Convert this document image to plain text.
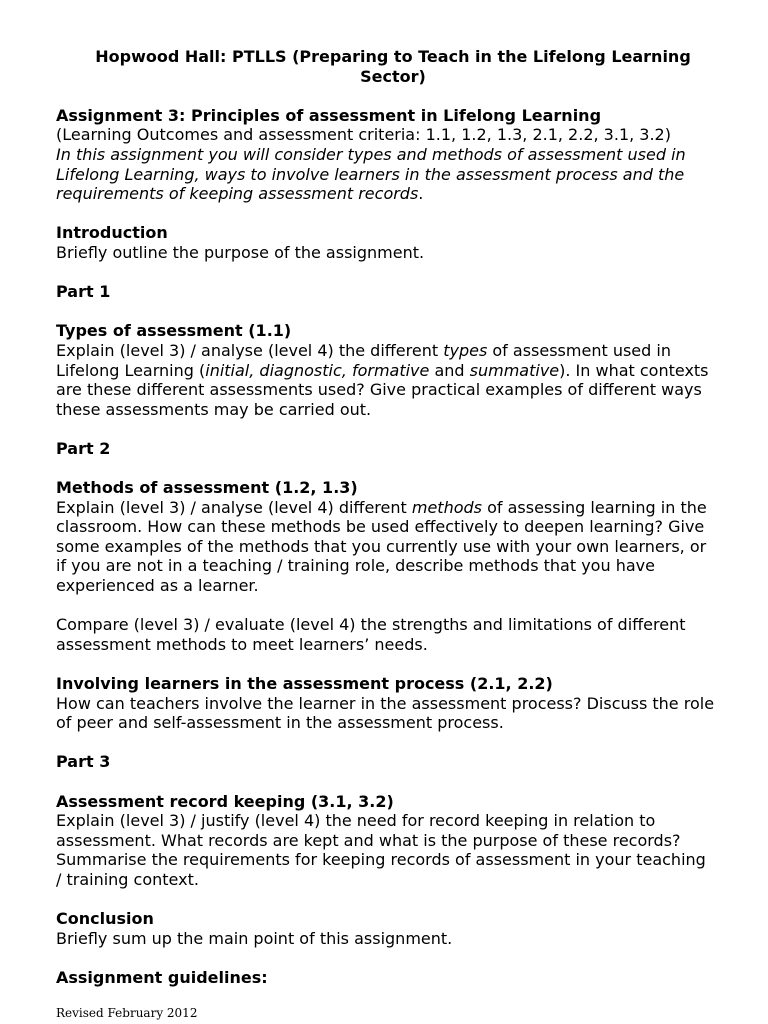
Hopwood Hall: PTLLS (Preparing to Teach in the Lifelong Learning Sector)

Assignment 3: Principles of assessment in Lifelong Learning

(Learning Outcomes and assessment criteria: 1.1, 1.2, 1.3, 2.1, 2.2, 3.1, 3.2)

In this assignment you will consider types and methods of assessment used in Lifelong Learning, ways to involve learners in the assessment process and the requirements of keeping assessment records.

Introduction

Briefly outline the purpose of the assignment.

Part 1

Types of assessment (1.1)

Explain (level 3) / analyse (level 4) the different types of assessment used in Lifelong Learning (initial, diagnostic, formative and summative). In what contexts are these different assessments used? Give practical examples of different ways these assessments may be carried out.

Part 2

Methods of assessment (1.2, 1.3)

Explain (level 3) / analyse (level 4) different methods of assessing learning in the classroom. How can these methods be used effectively to deepen learning? Give some examples of the methods that you currently use with your own learners, or if you are not in a teaching / training role, describe methods that you have experienced as a learner.

Compare (level 3) / evaluate (level 4) the strengths and limitations of different assessment methods to meet learners’ needs.

Involving learners in the assessment process (2.1, 2.2)

How can teachers involve the learner in the assessment process? Discuss the role of peer and self-assessment in the assessment process.

Part 3

Assessment record keeping (3.1, 3.2)

Explain (level 3) / justify (level 4) the need for record keeping in relation to assessment. What records are kept and what is the purpose of these records? Summarise the requirements for keeping records of assessment in your teaching / training context.

Conclusion

Briefly sum up the main point of this assignment.

Assignment guidelines:

Revised February 2012
